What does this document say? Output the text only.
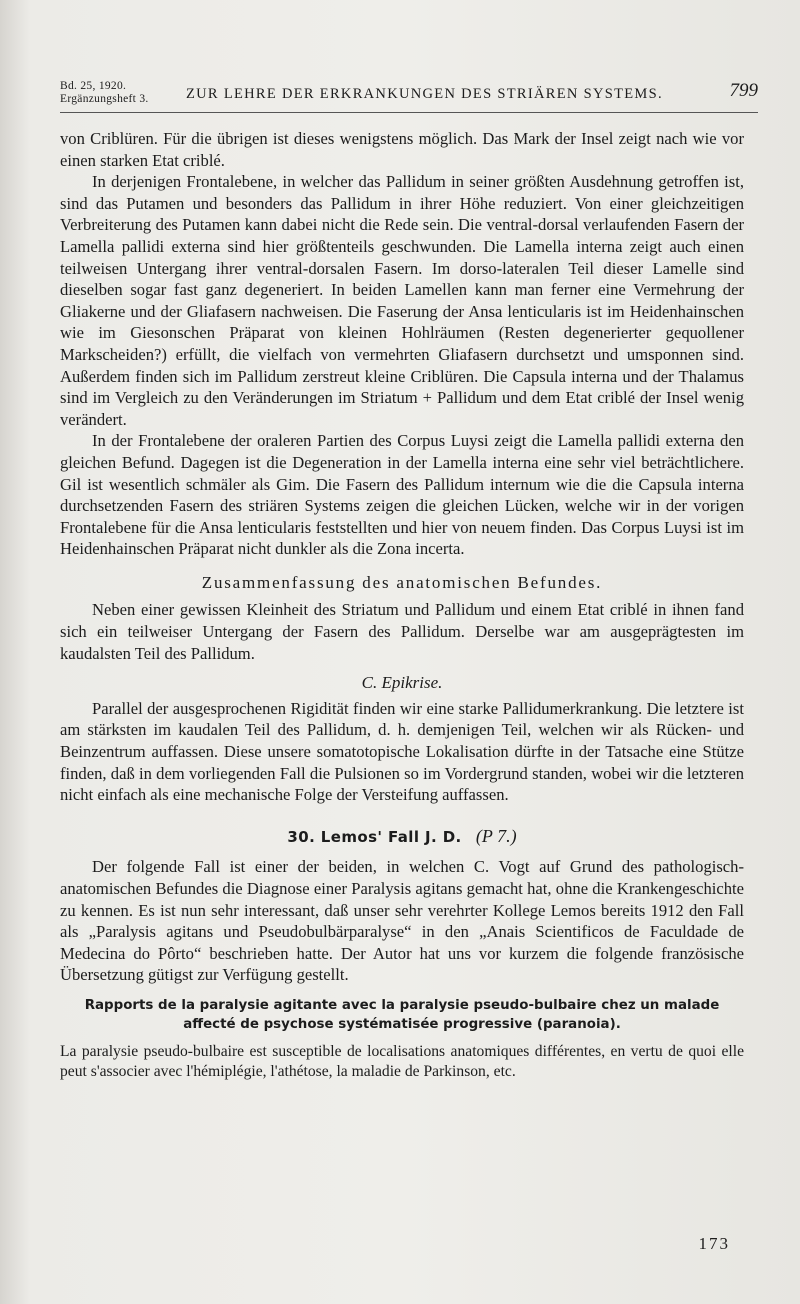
Bd. 25, 1920.
Ergänzungsheft 3.	ZUR LEHRE DER ERKRANKUNGEN DES STRIÄREN SYSTEMS.	799

von Criblüren. Für die übrigen ist dieses wenigstens möglich. Das Mark der Insel zeigt nach wie vor einen starken Etat criblé.

In derjenigen Frontalebene, in welcher das Pallidum in seiner größten Ausdehnung getroffen ist, sind das Putamen und besonders das Pallidum in ihrer Höhe reduziert. Von einer gleichzeitigen Verbreiterung des Putamen kann dabei nicht die Rede sein. Die ventral-dorsal verlaufenden Fasern der Lamella pallidi externa sind hier größtenteils geschwunden. Die Lamella interna zeigt auch einen teilweisen Untergang ihrer ventral-dorsalen Fasern. Im dorso-lateralen Teil dieser Lamelle sind dieselben sogar fast ganz degeneriert. In beiden Lamellen kann man ferner eine Vermehrung der Gliakerne und der Gliafasern nachweisen. Die Faserung der Ansa lenticularis ist im Heidenhainschen wie im Giesonschen Präparat von kleinen Hohlräumen (Resten degenerierter gequollener Markscheiden?) erfüllt, die vielfach von vermehrten Gliafasern durchsetzt und umsponnen sind. Außerdem finden sich im Pallidum zerstreut kleine Criblüren. Die Capsula interna und der Thalamus sind im Vergleich zu den Veränderungen im Striatum + Pallidum und dem Etat criblé der Insel wenig verändert.

In der Frontalebene der oraleren Partien des Corpus Luysi zeigt die Lamella pallidi externa den gleichen Befund. Dagegen ist die Degeneration in der Lamella interna eine sehr viel beträchtlichere. Gil ist wesentlich schmäler als Gim. Die Fasern des Pallidum internum wie die die Capsula interna durchsetzenden Fasern des striären Systems zeigen die gleichen Lücken, welche wir in der vorigen Frontalebene für die Ansa lenticularis feststellten und hier von neuem finden. Das Corpus Luysi ist im Heidenhainschen Präparat nicht dunkler als die Zona incerta.

Zusammenfassung des anatomischen Befundes.

Neben einer gewissen Kleinheit des Striatum und Pallidum und einem Etat criblé in ihnen fand sich ein teilweiser Untergang der Fasern des Pallidum. Derselbe war am ausgeprägtesten im kaudalsten Teil des Pallidum.

C. Epikrise.

Parallel der ausgesprochenen Rigidität finden wir eine starke Pallidumerkrankung. Die letztere ist am stärksten im kaudalen Teil des Pallidum, d. h. demjenigen Teil, welchen wir als Rücken- und Beinzentrum auffassen. Diese unsere somatotopische Lokalisation dürfte in der Tatsache eine Stütze finden, daß in dem vorliegenden Fall die Pulsionen so im Vordergrund standen, wobei wir die letzteren nicht einfach als eine mechanische Folge der Versteifung auffassen.

30. Lemos' Fall J. D. (P 7.)

Der folgende Fall ist einer der beiden, in welchen C. Vogt auf Grund des pathologisch-anatomischen Befundes die Diagnose einer Paralysis agitans gemacht hat, ohne die Krankengeschichte zu kennen. Es ist nun sehr interessant, daß unser sehr verehrter Kollege Lemos bereits 1912 den Fall als „Paralysis agitans und Pseudobulbärparalyse“ in den „Anais Scientificos de Faculdade de Medecina do Pôrto“ beschrieben hatte. Der Autor hat uns vor kurzem die folgende französische Übersetzung gütigst zur Verfügung gestellt.

Rapports de la paralysie agitante avec la paralysie pseudo-bulbaire chez un malade affecté de psychose systématisée progressive (paranoia).

La paralysie pseudo-bulbaire est susceptible de localisations anatomiques différentes, en vertu de quoi elle peut s'associer avec l'hémiplégie, l'athétose, la maladie de Parkinson, etc.

173
